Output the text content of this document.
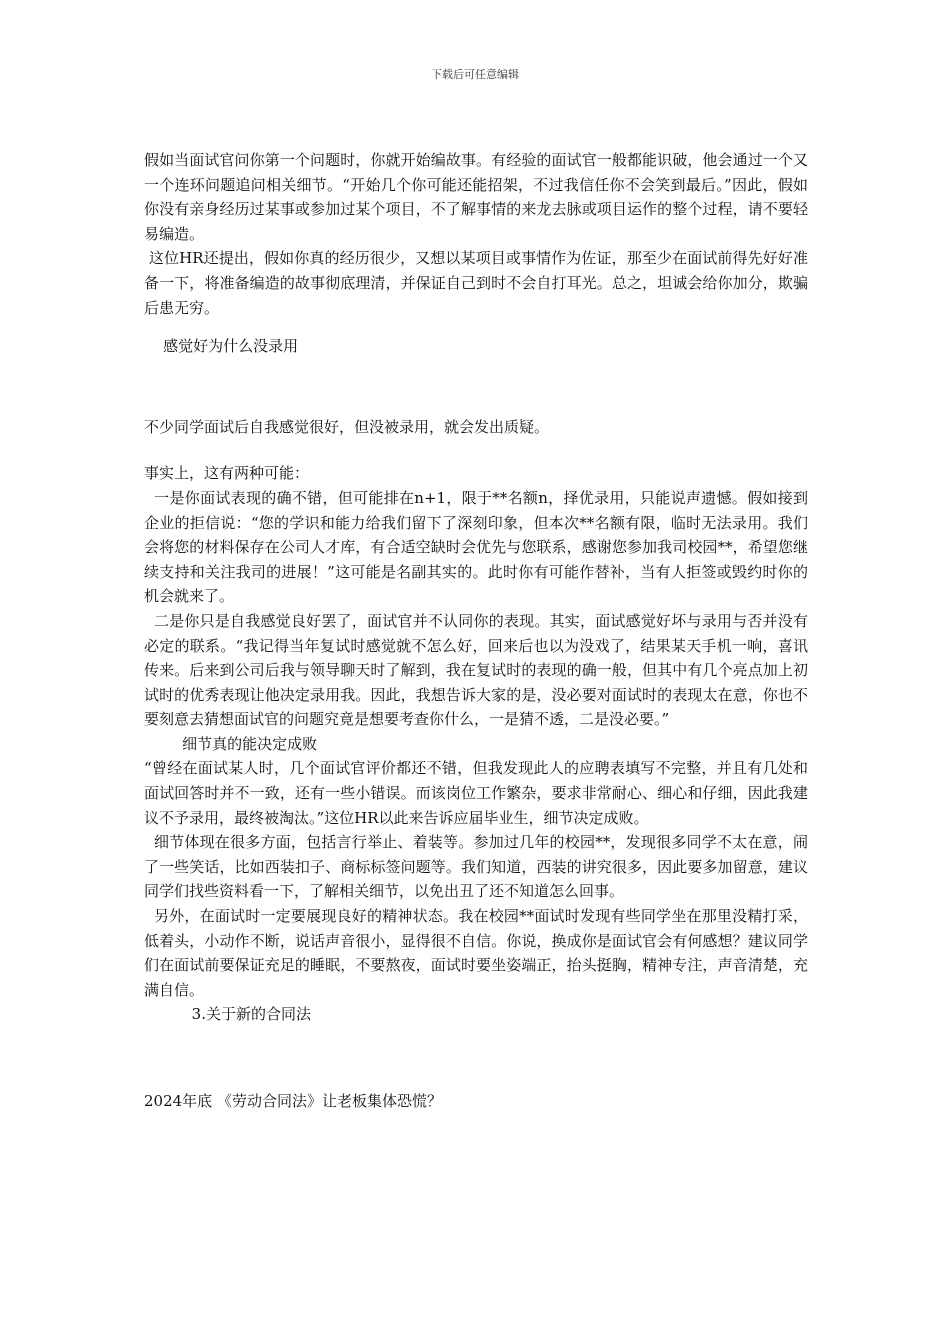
下载后可任意编辑

假如当面试官问你第一个问题时，你就开始编故事。有经验的面试官一般都能识破，他会通过一个又一个连环问题追问相关细节。“开始几个你可能还能招架，不过我信任你不会笑到最后。”因此，假如你没有亲身经历过某事或参加过某个项目，不了解事情的来龙去脉或项目运作的整个过程，请不要轻易编造。

这位HR还提出，假如你真的经历很少，又想以某项目或事情作为佐证，那至少在面试前得先好好准备一下，将准备编造的故事彻底理清，并保证自己到时不会自打耳光。总之，坦诚会给你加分，欺骗后患无穷。

感觉好为什么没录用

不少同学面试后自我感觉很好，但没被录用，就会发出质疑。

事实上，这有两种可能：

一是你面试表现的确不错，但可能排在n+1，限于**名额n，择优录用，只能说声遗憾。假如接到企业的拒信说：“您的学识和能力给我们留下了深刻印象，但本次**名额有限，临时无法录用。我们会将您的材料保存在公司人才库，有合适空缺时会优先与您联系，感谢您参加我司校园**，希望您继续支持和关注我司的进展！”这可能是名副其实的。此时你有可能作替补，当有人拒签或毁约时你的机会就来了。

二是你只是自我感觉良好罢了，面试官并不认同你的表现。其实，面试感觉好坏与录用与否并没有必定的联系。“我记得当年复试时感觉就不怎么好，回来后也以为没戏了，结果某天手机一响，喜讯传来。后来到公司后我与领导聊天时了解到，我在复试时的表现的确一般，但其中有几个亮点加上初试时的优秀表现让他决定录用我。因此，我想告诉大家的是，没必要对面试时的表现太在意，你也不要刻意去猜想面试官的问题究竟是想要考查你什么，一是猜不透，二是没必要。”

细节真的能决定成败

“曾经在面试某人时，几个面试官评价都还不错，但我发现此人的应聘表填写不完整，并且有几处和面试回答时并不一致，还有一些小错误。而该岗位工作繁杂，要求非常耐心、细心和仔细，因此我建议不予录用，最终被淘汰。”这位HR以此来告诉应届毕业生，细节决定成败。

细节体现在很多方面，包括言行举止、着装等。参加过几年的校园**，发现很多同学不太在意，闹了一些笑话，比如西装扣子、商标标签问题等。我们知道，西装的讲究很多，因此要多加留意，建议同学们找些资料看一下，了解相关细节，以免出丑了还不知道怎么回事。

另外，在面试时一定要展现良好的精神状态。我在校园**面试时发现有些同学坐在那里没精打采，低着头，小动作不断，说话声音很小，显得很不自信。你说，换成你是面试官会有何感想？建议同学们在面试前要保证充足的睡眠，不要熬夜，面试时要坐姿端正，抬头挺胸，精神专注，声音清楚，充满自信。

3.关于新的合同法

2024年底 《劳动合同法》让老板集体恐慌？
